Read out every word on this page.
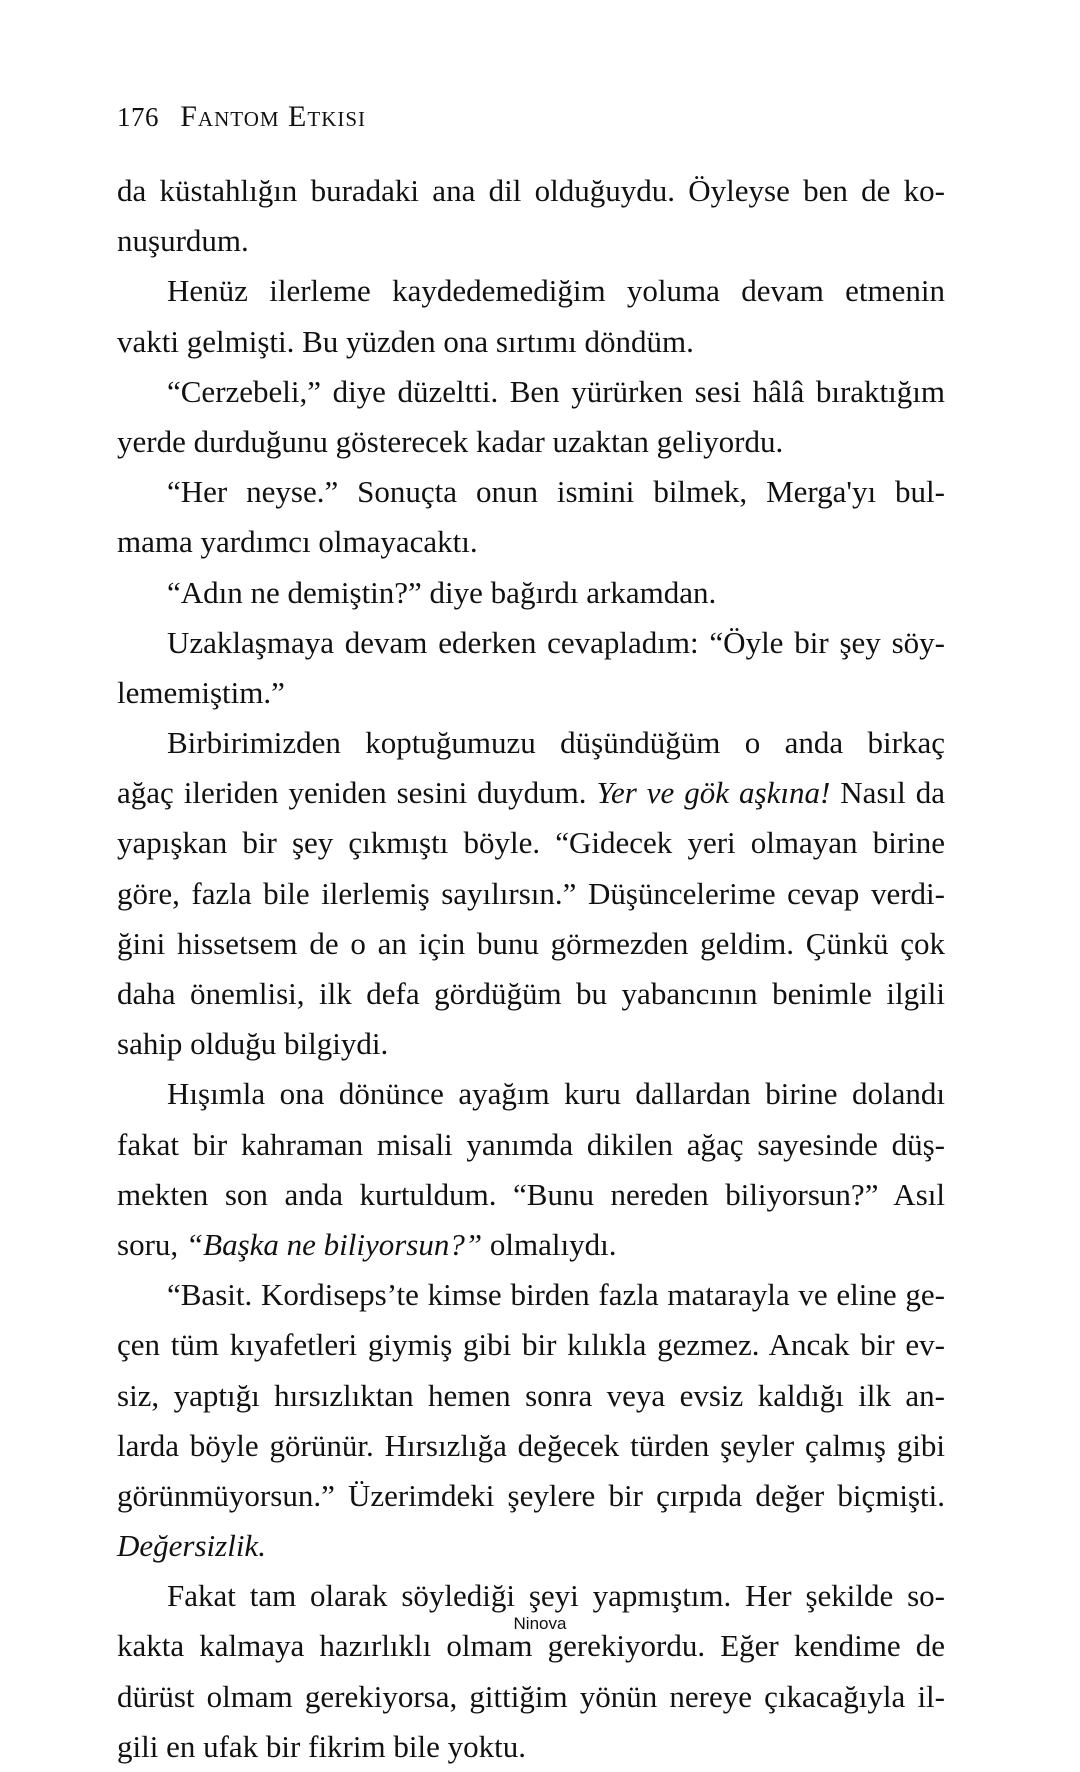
176 Fantom Etkisi
da küstahlığın buradaki ana dil olduğuydu. Öyleyse ben de ko-
nuşurdum.
Henüz ilerleme kaydedemediğim yoluma devam etmenin
vakti gelmişti. Bu yüzden ona sırtımı döndüm.
“Cerzebeli,” diye düzeltti. Ben yürürken sesi hâlâ bıraktığım
yerde durduğunu gösterecek kadar uzaktan geliyordu.
“Her neyse.” Sonuçta onun ismini bilmek, Merga'yı bul-
mama yardımcı olmayacaktı.
“Adın ne demiştin?” diye bağırdı arkamdan.
Uzaklaşmaya devam ederken cevapladım: “Öyle bir şey söy-
lememiştim.”
Birbirimizden koptuğumuzu düşündüğüm o anda birkaç
ağaç ileriden yeniden sesini duydum. Yer ve gök aşkına! Nasıl da
yapışkan bir şey çıkmıştı böyle. “Gidecek yeri olmayan birine
göre, fazla bile ilerlemiş sayılırsın.” Düşüncelerime cevap verdi-
ğini hissetsem de o an için bunu görmezden geldim. Çünkü çok
daha önemlisi, ilk defa gördüğüm bu yabancının benimle ilgili
sahip olduğu bilgiydi.
Hışımla ona dönünce ayağım kuru dallardan birine dolandı
fakat bir kahraman misali yanımda dikilen ağaç sayesinde düş-
mekten son anda kurtuldum. “Bunu nereden biliyorsun?” Asıl
soru, “Başka ne biliyorsun?” olmalıydı.
“Basit. Kordiseps’te kimse birden fazla matarayla ve eline ge-
çen tüm kıyafetleri giymiş gibi bir kılıkla gezmez. Ancak bir ev-
siz, yaptığı hırsızlıktan hemen sonra veya evsiz kaldığı ilk an-
larda böyle görünür. Hırsızlığa değecek türden şeyler çalmış gibi
görünmüyorsun.” Üzerimdeki şeylere bir çırpıda değer biçmişti.
Değersizlik.
Fakat tam olarak söylediği şeyi yapmıştım. Her şekilde so-
kakta kalmaya hazırlıklı olmam gerekiyordu. Eğer kendime de
dürüst olmam gerekiyorsa, gittiğim yönün nereye çıkacağıyla il-
gili en ufak bir fikrim bile yoktu.
Ninova
